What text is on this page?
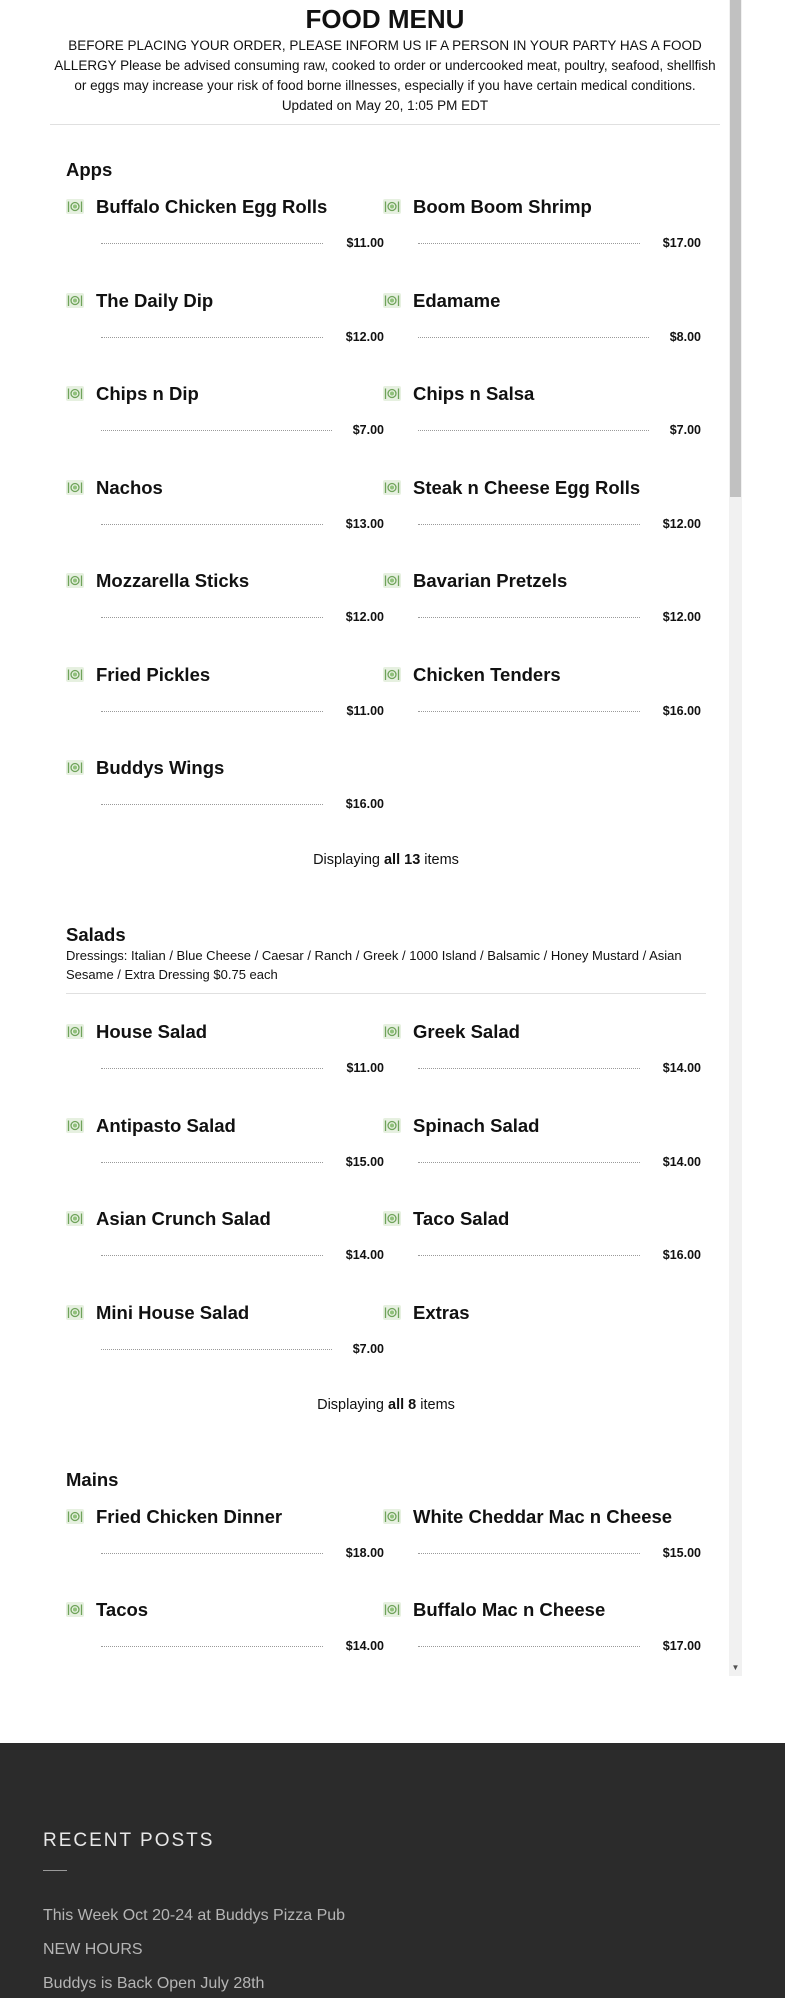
FOOD MENU

BEFORE PLACING YOUR ORDER, PLEASE INFORM US IF A PERSON IN YOUR PARTY HAS A FOOD ALLERGY Please be advised consuming raw, cooked to order or undercooked meat, poultry, seafood, shellfish or eggs may increase your risk of food borne illnesses, especially if you have certain medical conditions.

Updated on May 20, 1:05 PM EDT

Apps
Buffalo Chicken Egg Rolls
$11.00
Boom Boom Shrimp
$17.00
The Daily Dip
$12.00
Edamame
$8.00
Chips n Dip
$7.00
Chips n Salsa
$7.00
Nachos
$13.00
Steak n Cheese Egg Rolls
$12.00
Mozzarella Sticks
$12.00
Bavarian Pretzels
$12.00
Fried Pickles
$11.00
Chicken Tenders
$16.00
Buddys Wings
$16.00
Displaying all 13 items
Salads
Dressings: Italian / Blue Cheese / Caesar / Ranch / Greek / 1000 Island / Balsamic / Honey Mustard / Asian Sesame / Extra Dressing $0.75 each
House Salad
$11.00
Greek Salad
$14.00
Antipasto Salad
$15.00
Spinach Salad
$14.00
Asian Crunch Salad
$14.00
Taco Salad
$16.00
Mini House Salad
$7.00
Extras
Displaying all 8 items
Mains
Fried Chicken Dinner
$18.00
White Cheddar Mac n Cheese
$15.00
Tacos
$14.00
Buffalo Mac n Cheese
$17.00
▼
RECENT POSTS
This Week Oct 20-24 at Buddys Pizza Pub
NEW HOURS
Buddys is Back Open July 28th
